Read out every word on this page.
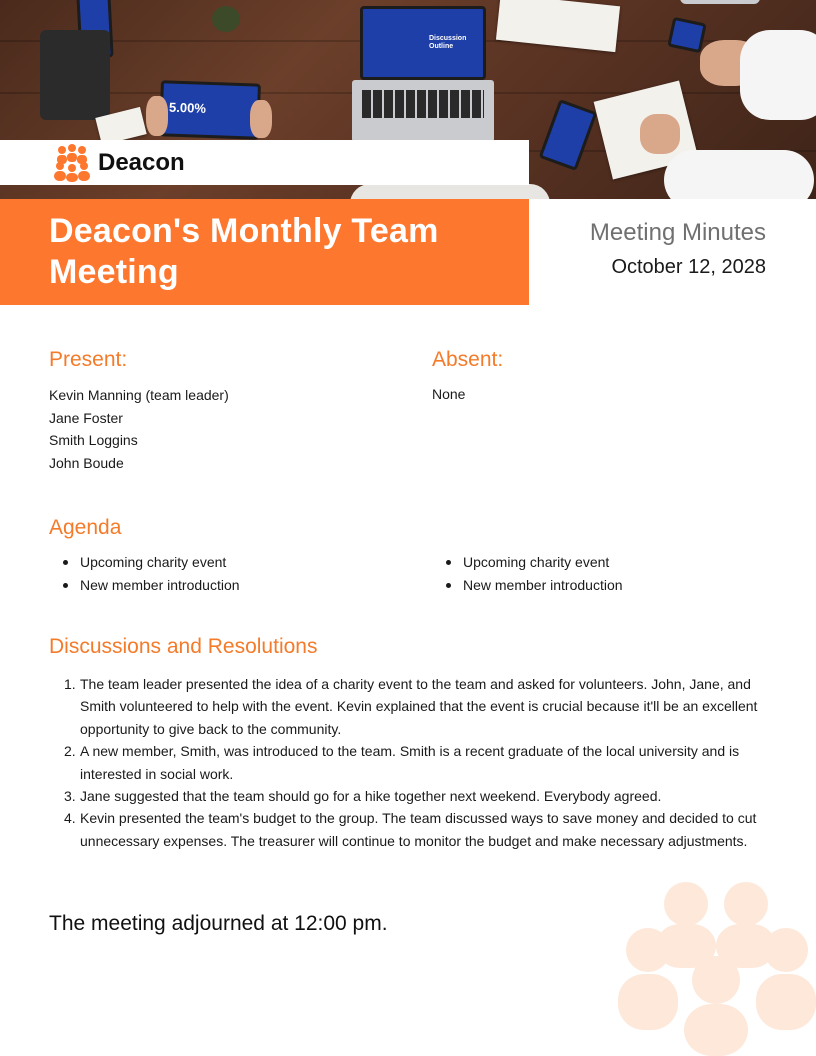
5.00%
Discussion Outline
Deacon
Deacon's Monthly Team Meeting
Meeting Minutes
October 12, 2028
Present:
Kevin Manning (team leader)
Jane Foster
Smith Loggins
John Boude
Absent:
None
Agenda
Upcoming charity event
New member introduction
Upcoming charity event
New member introduction
Discussions and Resolutions
1. The team leader presented the idea of a charity event to the team and asked for volunteers. John, Jane, and Smith volunteered to help with the event. Kevin explained that the event is crucial because it'll be an excellent opportunity to give back to the community.
2. A new member, Smith, was introduced to the team. Smith is a recent graduate of the local university and is interested in social work.
3. Jane suggested that the team should go for a hike together next weekend. Everybody agreed.
4. Kevin presented the team's budget to the group. The team discussed ways to save money and decided to cut unnecessary expenses. The treasurer will continue to monitor the budget and make necessary adjustments.

The meeting adjourned at 12:00 pm.
